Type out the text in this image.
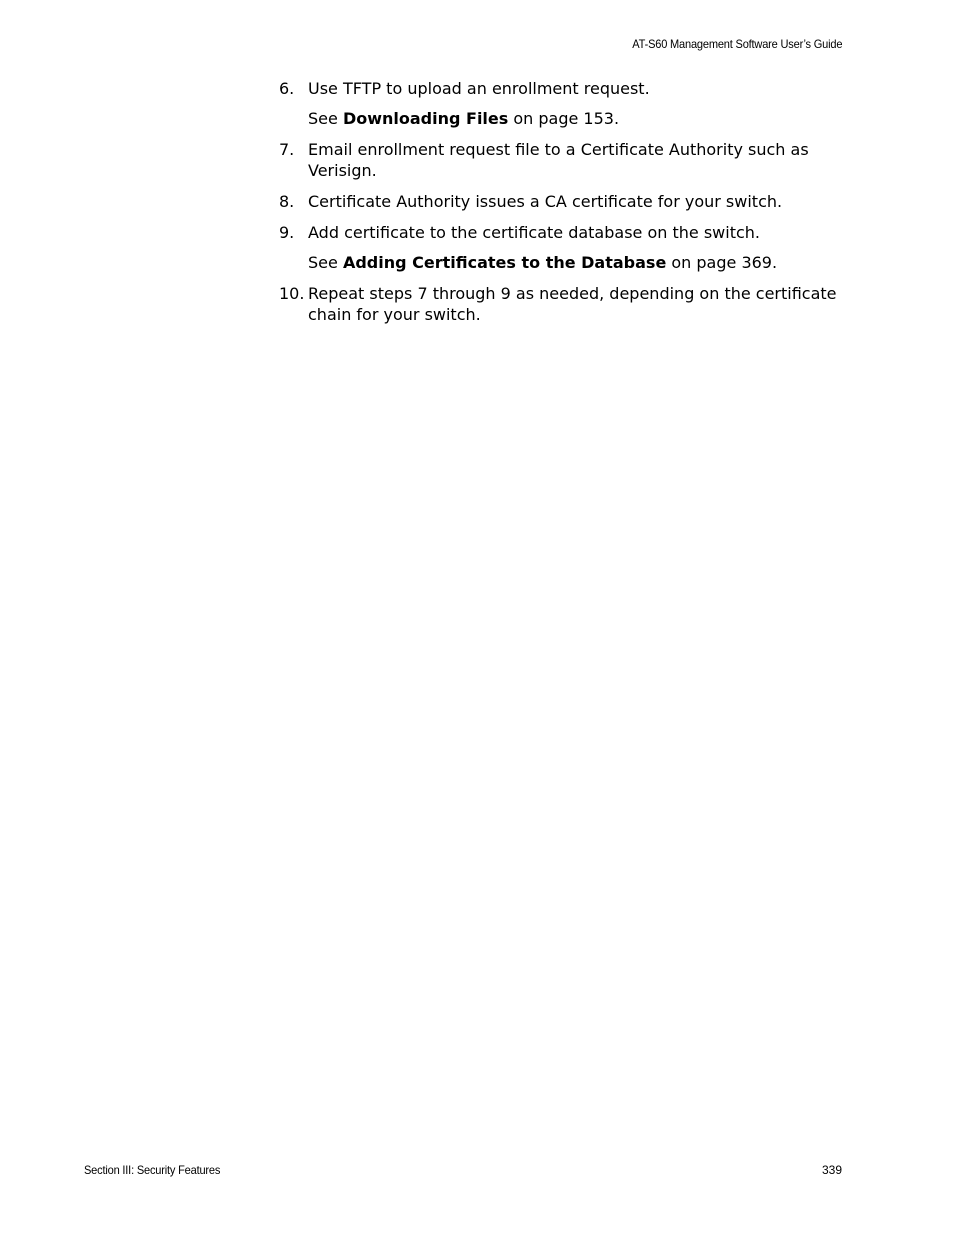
AT-S60 Management Software User’s Guide
6. Use TFTP to upload an enrollment request.
See Downloading Files on page 153.
7. Email enrollment request file to a Certificate Authority such as Verisign.
8. Certificate Authority issues a CA certificate for your switch.
9. Add certificate to the certificate database on the switch.
See Adding Certificates to the Database on page 369.
10. Repeat steps 7 through 9 as needed, depending on the certificate chain for your switch.
Section III: Security Features	339
